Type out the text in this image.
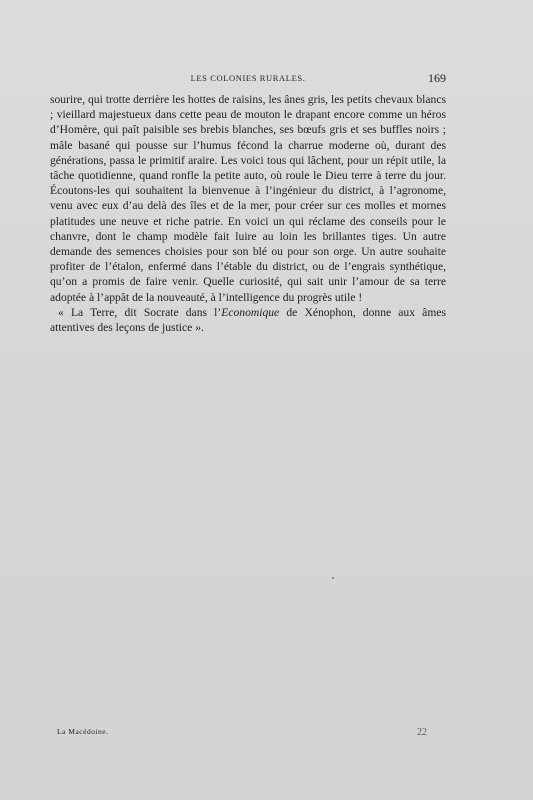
LES COLONIES RURALES.	169

sourire, qui trotte derrière les hottes de raisins, les ânes gris, les petits chevaux blancs ; vieillard majestueux dans cette peau de mouton le drapant encore comme un héros d’Homère, qui paît paisible ses brebis blanches, ses bœufs gris et ses buffles noirs ; mâle basané qui pousse sur l’humus fécond la charrue moderne où, durant des générations, passa le primitif araire. Les voici tous qui lâchent, pour un répit utile, la tâche quotidienne, quand ronfle la petite auto, où roule le Dieu terre à terre du jour. Écoutons-les qui souhaitent la bienvenue à l’ingénieur du district, à l’agronome, venu avec eux d’au delà des îles et de la mer, pour créer sur ces molles et mornes platitudes une neuve et riche patrie. En voici un qui réclame des conseils pour le chanvre, dont le champ modèle fait luire au loin les brillantes tiges. Un autre demande des semences choisies pour son blé ou pour son orge. Un autre souhaite profiter de l’étalon, enfermé dans l’étable du district, ou de l’engrais synthétique, qu’on a promis de faire venir. Quelle curiosité, qui sait unir l’amour de sa terre adoptée à l’appât de la nouveauté, à l’intelligence du progrès utile !

« La Terre, dit Socrate dans l’Economique de Xénophon, donne aux âmes attentives des leçons de justice ».

La Macédoine.	22
